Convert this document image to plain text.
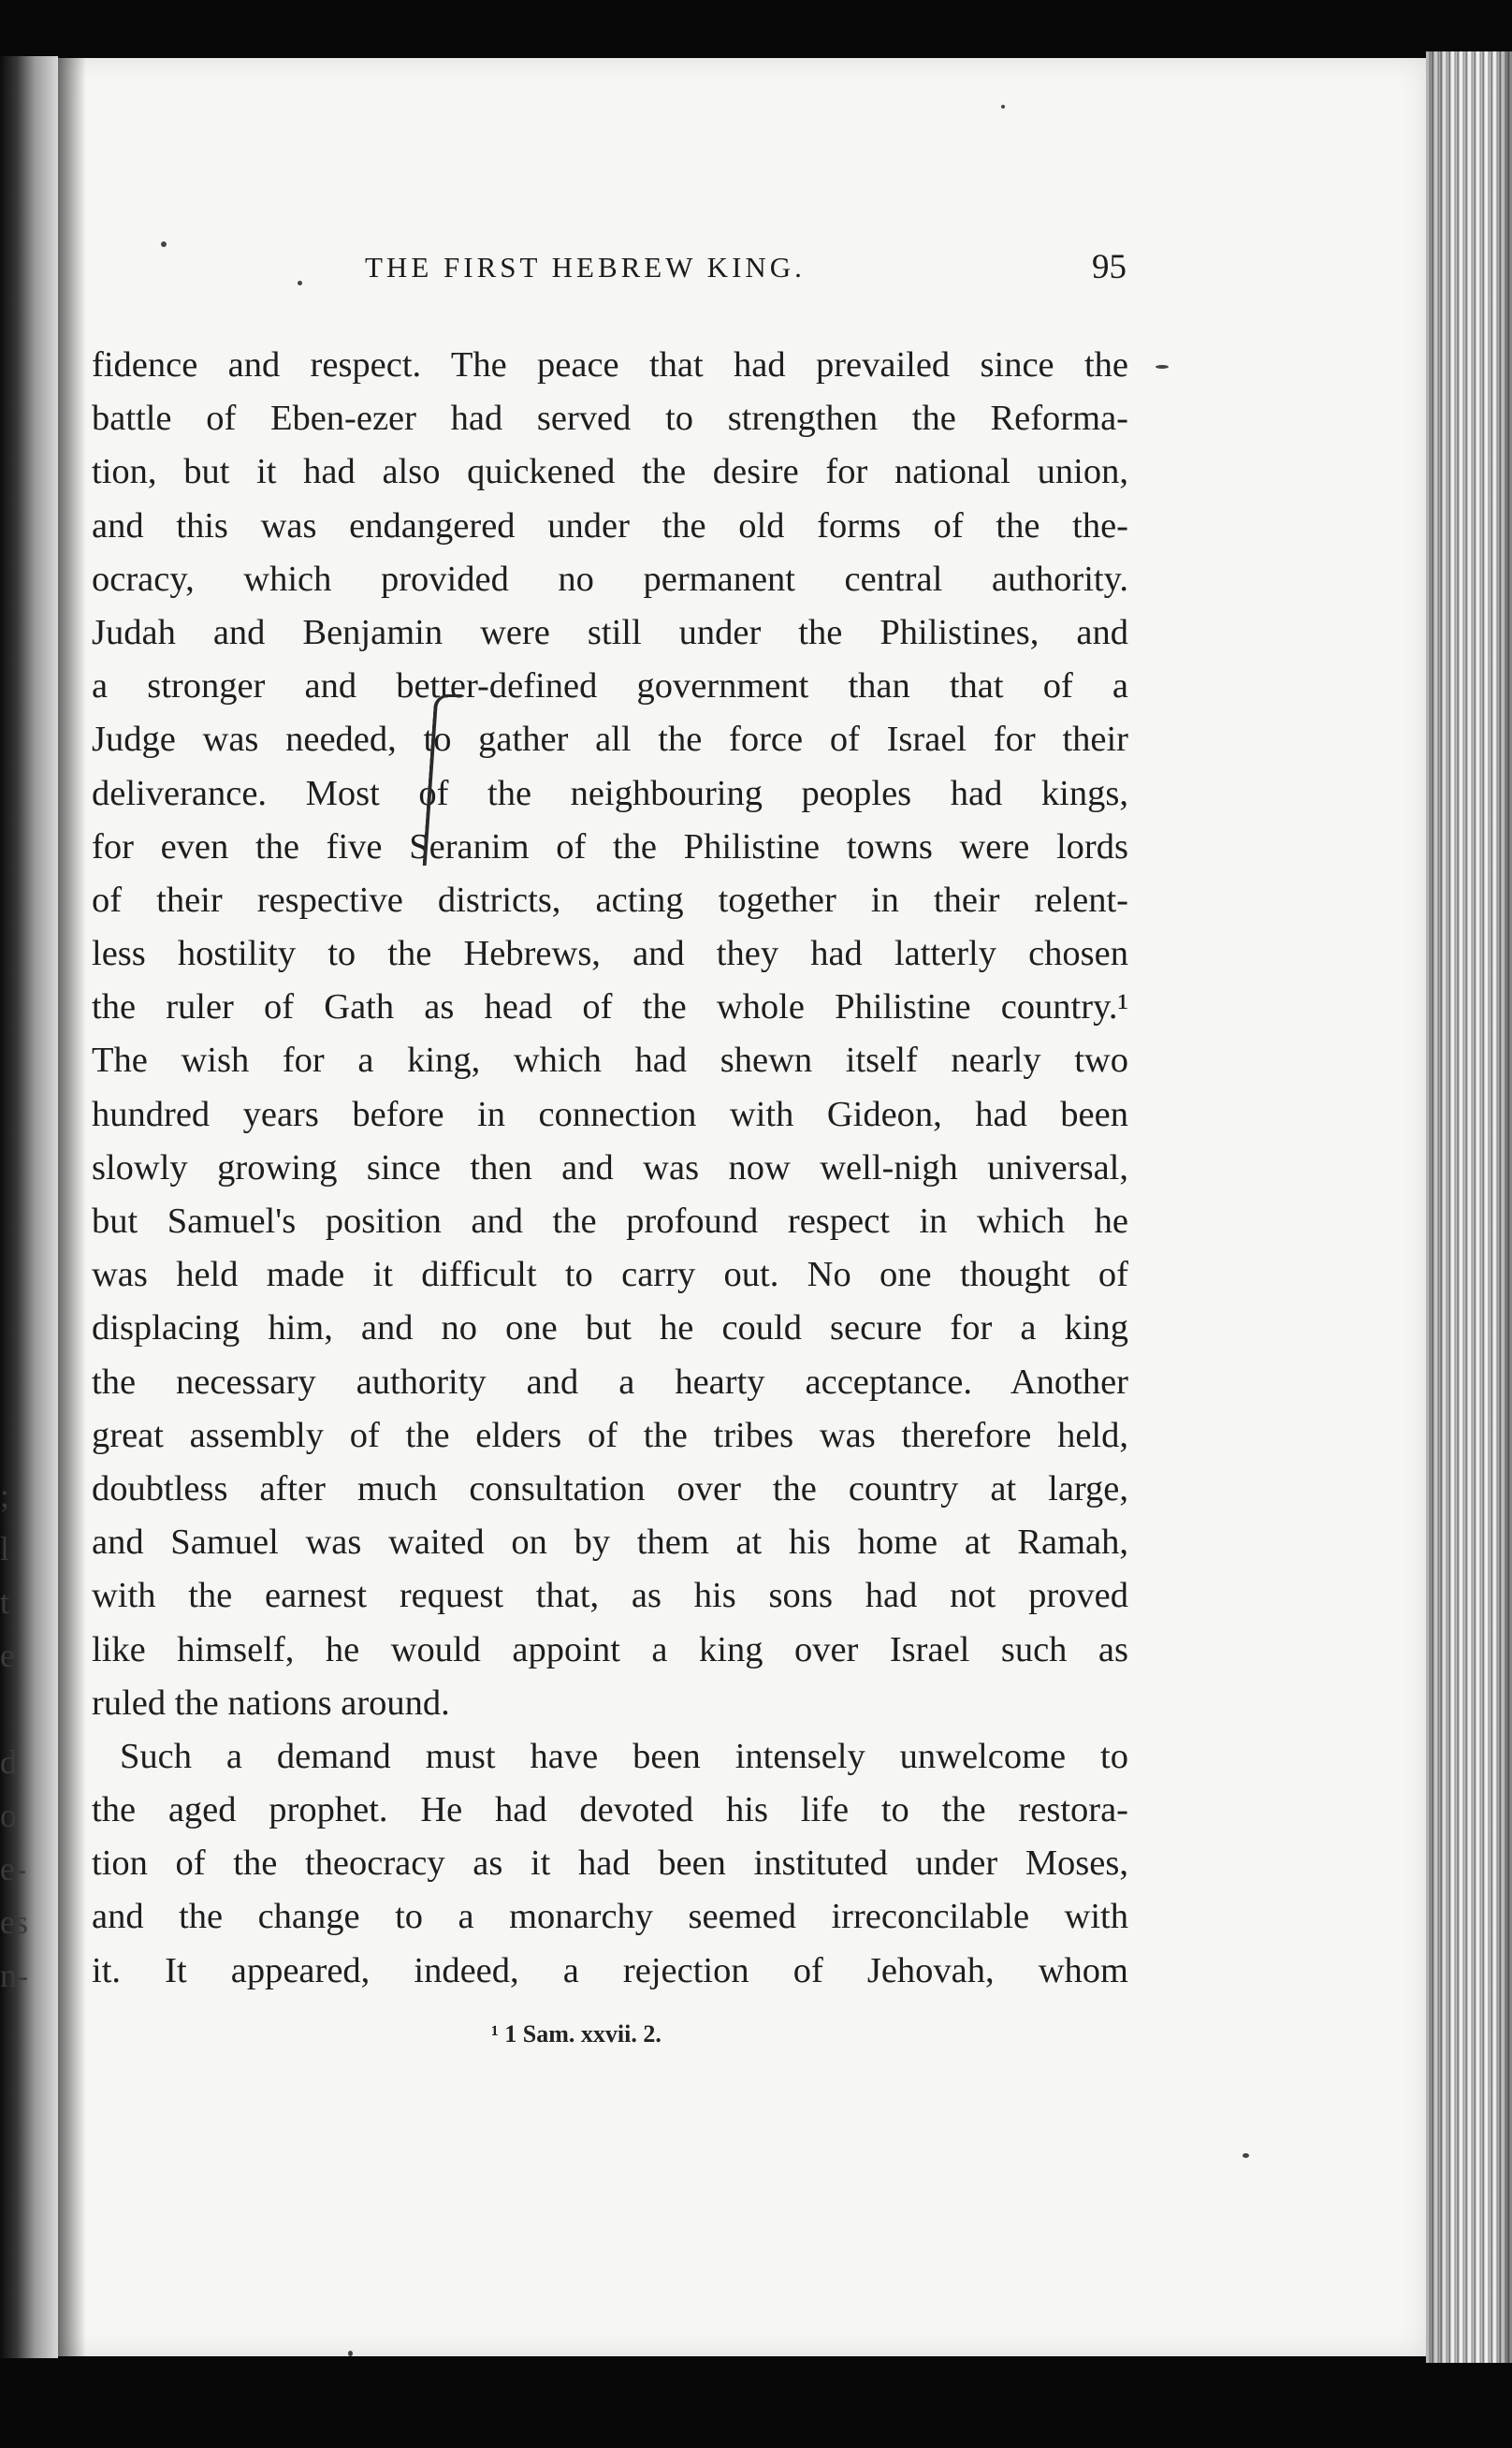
;
l
t
e
d
o
e-
es
n-
THE FIRST HEBREW KING.	95
fidence and respect. The peace that had prevailed since the
battle of Eben-ezer had served to strengthen the Reforma-
tion, but it had also quickened the desire for national union,
and this was endangered under the old forms of the the-
ocracy, which provided no permanent central authority.
Judah and Benjamin were still under the Philistines, and
a stronger and better-defined government than that of a
Judge was needed, to gather all the force of Israel for their
deliverance. Most of the neighbouring peoples had kings,
for even the five Seranim of the Philistine towns were lords
of their respective districts, acting together in their relent-
less hostility to the Hebrews, and they had latterly chosen
the ruler of Gath as head of the whole Philistine country.¹
The wish for a king, which had shewn itself nearly two
hundred years before in connection with Gideon, had been
slowly growing since then and was now well-nigh universal,
but Samuel's position and the profound respect in which he
was held made it difficult to carry out. No one thought of
displacing him, and no one but he could secure for a king
the necessary authority and a hearty acceptance. Another
great assembly of the elders of the tribes was therefore held,
doubtless after much consultation over the country at large,
and Samuel was waited on by them at his home at Ramah,
with the earnest request that, as his sons had not proved
like himself, he would appoint a king over Israel such as
ruled the nations around.
Such a demand must have been intensely unwelcome to
the aged prophet. He had devoted his life to the restora-
tion of the theocracy as it had been instituted under Moses,
and the change to a monarchy seemed irreconcilable with
it. It appeared, indeed, a rejection of Jehovah, whom
¹ 1 Sam. xxvii. 2.
